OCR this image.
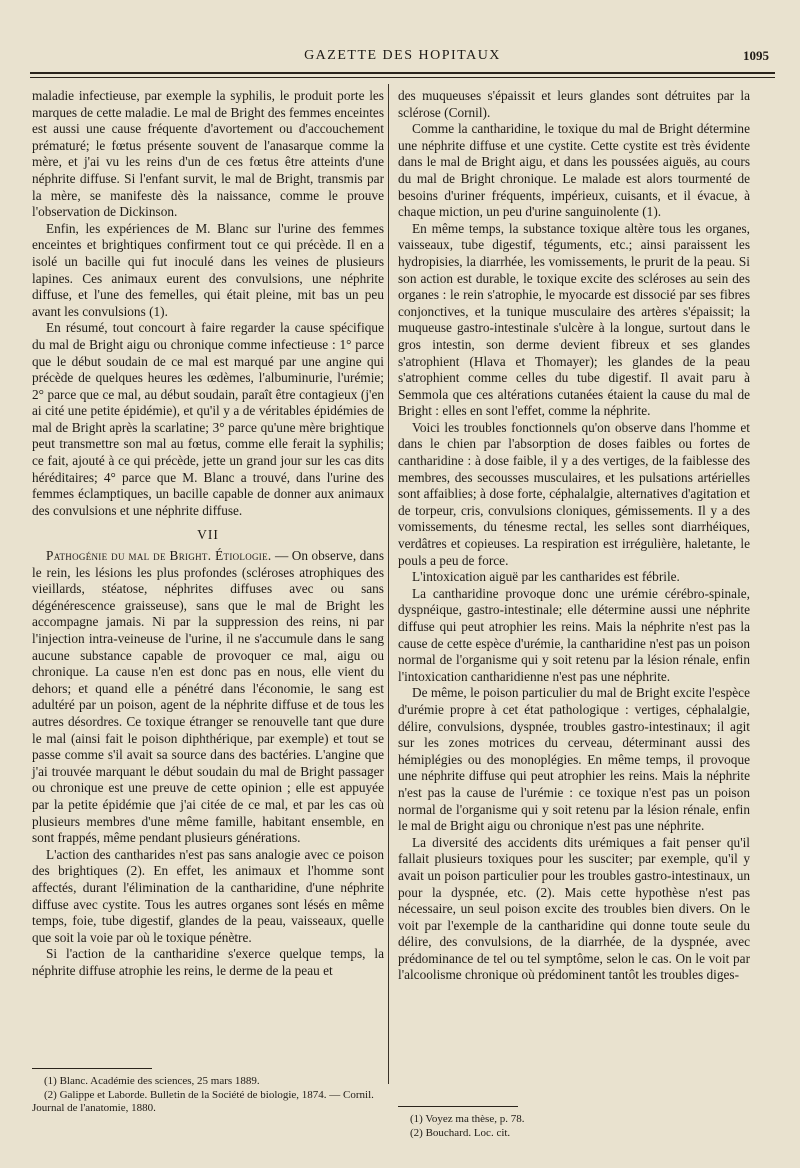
GAZETTE DES HOPITAUX	1095

maladie infectieuse, par exemple la syphilis, le produit porte les marques de cette maladie. Le mal de Bright des femmes enceintes est aussi une cause fréquente d'avortement ou d'accouchement prématuré; le fœtus présente souvent de l'anasarque comme la mère, et j'ai vu les reins d'un de ces fœtus être atteints d'une néphrite diffuse. Si l'enfant survit, le mal de Bright, transmis par la mère, se manifeste dès la naissance, comme le prouve l'observation de Dickinson.

Enfin, les expériences de M. Blanc sur l'urine des femmes enceintes et brightiques confirment tout ce qui précède. Il en a isolé un bacille qui fut inoculé dans les veines de plusieurs lapines. Ces animaux eurent des convulsions, une néphrite diffuse, et l'une des femelles, qui était pleine, mit bas un peu avant les convulsions (1).

En résumé, tout concourt à faire regarder la cause spécifique du mal de Bright aigu ou chronique comme infectieuse : 1° parce que le début soudain de ce mal est marqué par une angine qui précède de quelques heures les œdèmes, l'albuminurie, l'urémie; 2° parce que ce mal, au début soudain, paraît être contagieux (j'en ai cité une petite épidémie), et qu'il y a de véritables épidémies de mal de Bright après la scarlatine; 3° parce qu'une mère brightique peut transmettre son mal au fœtus, comme elle ferait la syphilis; ce fait, ajouté à ce qui précède, jette un grand jour sur les cas dits héréditaires; 4° parce que M. Blanc a trouvé, dans l'urine des femmes éclamptiques, un bacille capable de donner aux animaux des convulsions et une néphrite diffuse.

VII

Pathogénie du mal de Bright. Étiologie. — On observe, dans le rein, les lésions les plus profondes (scléroses atrophiques des vieillards, stéatose, néphrites diffuses avec ou sans dégénérescence graisseuse), sans que le mal de Bright les accompagne jamais. Ni par la suppression des reins, ni par l'injection intra-veineuse de l'urine, il ne s'accumule dans le sang aucune substance capable de provoquer ce mal, aigu ou chronique. La cause n'en est donc pas en nous, elle vient du dehors; et quand elle a pénétré dans l'économie, le sang est adultéré par un poison, agent de la néphrite diffuse et de tous les autres désordres. Ce toxique étranger se renouvelle tant que dure le mal (ainsi fait le poison diphthérique, par exemple) et tout se passe comme s'il avait sa source dans des bactéries. L'angine que j'ai trouvée marquant le début soudain du mal de Bright passager ou chronique est une preuve de cette opinion ; elle est appuyée par la petite épidémie que j'ai citée de ce mal, et par les cas où plusieurs membres d'une même famille, habitant ensemble, en sont frappés, même pendant plusieurs générations.

L'action des cantharides n'est pas sans analogie avec ce poison des brightiques (2). En effet, les animaux et l'homme sont affectés, durant l'élimination de la cantharidine, d'une néphrite diffuse avec cystite. Tous les autres organes sont lésés en même temps, foie, tube digestif, glandes de la peau, vaisseaux, quelle que soit la voie par où le toxique pénètre.

Si l'action de la cantharidine s'exerce quelque temps, la néphrite diffuse atrophie les reins, le derme de la peau et

des muqueuses s'épaissit et leurs glandes sont détruites par la sclérose (Cornil).

Comme la cantharidine, le toxique du mal de Bright détermine une néphrite diffuse et une cystite. Cette cystite est très évidente dans le mal de Bright aigu, et dans les poussées aiguës, au cours du mal de Bright chronique. Le malade est alors tourmenté de besoins d'uriner fréquents, impérieux, cuisants, et il évacue, à chaque miction, un peu d'urine sanguinolente (1).

En même temps, la substance toxique altère tous les organes, vaisseaux, tube digestif, téguments, etc.; ainsi paraissent les hydropisies, la diarrhée, les vomissements, le prurit de la peau. Si son action est durable, le toxique excite des scléroses au sein des organes : le rein s'atrophie, le myocarde est dissocié par ses fibres conjonctives, et la tunique musculaire des artères s'épaissit; la muqueuse gastro-intestinale s'ulcère à la longue, surtout dans le gros intestin, son derme devient fibreux et ses glandes s'atrophient (Hlava et Thomayer); les glandes de la peau s'atrophient comme celles du tube digestif. Il avait paru à Semmola que ces altérations cutanées étaient la cause du mal de Bright : elles en sont l'effet, comme la néphrite.

Voici les troubles fonctionnels qu'on observe dans l'homme et dans le chien par l'absorption de doses faibles ou fortes de cantharidine : à dose faible, il y a des vertiges, de la faiblesse des membres, des secousses musculaires, et les pulsations artérielles sont affaiblies; à dose forte, céphalalgie, alternatives d'agitation et de torpeur, cris, convulsions cloniques, gémissements. Il y a des vomissements, du ténesme rectal, les selles sont diarrhéiques, verdâtres et copieuses. La respiration est irrégulière, haletante, le pouls a peu de force.

L'intoxication aiguë par les cantharides est fébrile.

La cantharidine provoque donc une urémie cérébro-spinale, dyspnéique, gastro-intestinale; elle détermine aussi une néphrite diffuse qui peut atrophier les reins. Mais la néphrite n'est pas la cause de cette espèce d'urémie, la cantharidine n'est pas un poison normal de l'organisme qui y soit retenu par la lésion rénale, enfin l'intoxication cantharidienne n'est pas une néphrite.

De même, le poison particulier du mal de Bright excite l'espèce d'urémie propre à cet état pathologique : vertiges, céphalalgie, délire, convulsions, dyspnée, troubles gastro-intestinaux; il agit sur les zones motrices du cerveau, déterminant aussi des hémiplégies ou des monoplégies. En même temps, il provoque une néphrite diffuse qui peut atrophier les reins. Mais la néphrite n'est pas la cause de l'urémie : ce toxique n'est pas un poison normal de l'organisme qui y soit retenu par la lésion rénale, enfin le mal de Bright aigu ou chronique n'est pas une néphrite.

La diversité des accidents dits urémiques a fait penser qu'il fallait plusieurs toxiques pour les susciter; par exemple, qu'il y avait un poison particulier pour les troubles gastro-intestinaux, un pour la dyspnée, etc. (2). Mais cette hypothèse n'est pas nécessaire, un seul poison excite des troubles bien divers. On le voit par l'exemple de la cantharidine qui donne toute seule du délire, des convulsions, de la diarrhée, de la dyspnée, avec prédominance de tel ou tel symptôme, selon le cas. On le voit par l'alcoolisme chronique où prédominent tantôt les troubles diges-

(1) Blanc. Académie des sciences, 25 mars 1889.
(2) Galippe et Laborde. Bulletin de la Société de biologie, 1874. — Cornil. Journal de l'anatomie, 1880.
(1) Voyez ma thèse, p. 78.
(2) Bouchard. Loc. cit.
